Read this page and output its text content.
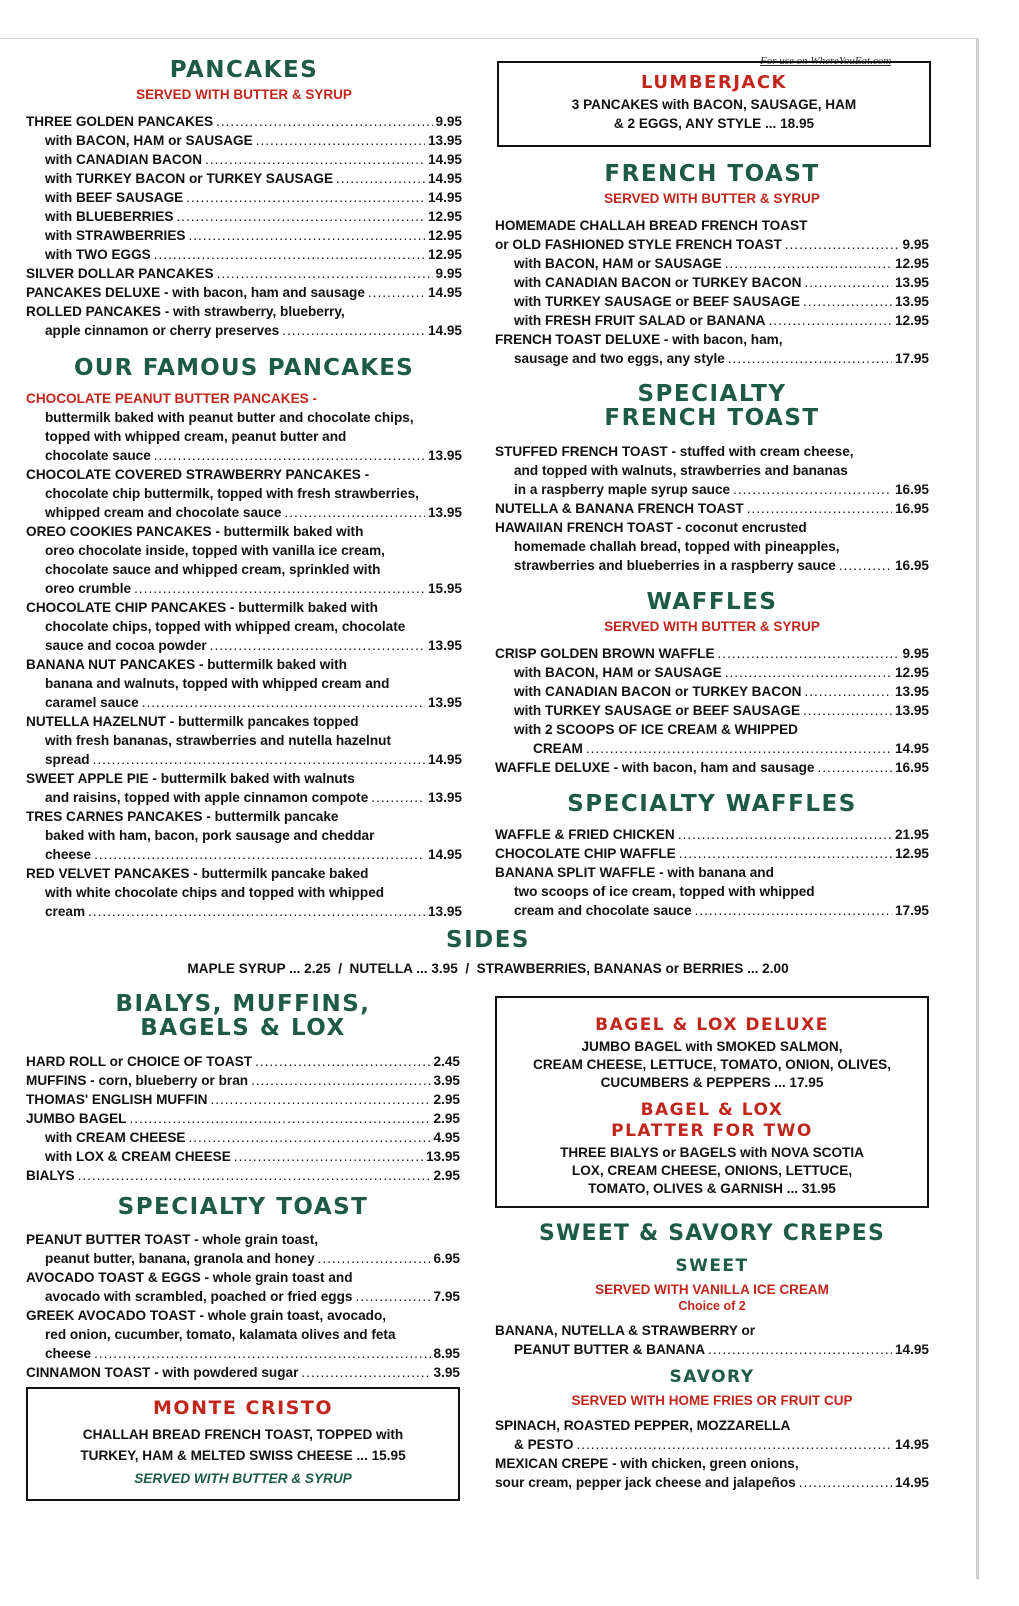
For use on WhereYouEat.com
PANCAKES
SERVED WITH BUTTER & SYRUP
THREE GOLDEN PANCAKES .....	9.95
with BACON, HAM or SAUSAGE .....	13.95
with CANADIAN BACON .....	14.95
with TURKEY BACON or TURKEY SAUSAGE .....	14.95
with BEEF SAUSAGE .....	14.95
with BLUEBERRIES .....	12.95
with STRAWBERRIES .....	12.95
with TWO EGGS .....	12.95
SILVER DOLLAR PANCAKES .....	9.95
PANCAKES DELUXE - with bacon, ham and sausage .....	14.95
ROLLED PANCAKES - with strawberry, blueberry,
apple cinnamon or cherry preserves .....	14.95
OUR FAMOUS PANCAKES
CHOCOLATE PEANUT BUTTER PANCAKES -
buttermilk baked with peanut butter and chocolate chips,
topped with whipped cream, peanut butter and
chocolate sauce .....	13.95
CHOCOLATE COVERED STRAWBERRY PANCAKES -
chocolate chip buttermilk, topped with fresh strawberries,
whipped cream and chocolate sauce .....	13.95
OREO COOKIES PANCAKES - buttermilk baked with
oreo chocolate inside, topped with vanilla ice cream,
chocolate sauce and whipped cream, sprinkled with
oreo crumble .....	15.95
CHOCOLATE CHIP PANCAKES - buttermilk baked with
chocolate chips, topped with whipped cream, chocolate
sauce and cocoa powder .....	13.95
BANANA NUT PANCAKES - buttermilk baked with
banana and walnuts, topped with whipped cream and
caramel sauce .....	13.95
NUTELLA HAZELNUT - buttermilk pancakes topped
with fresh bananas, strawberries and nutella hazelnut
spread .....	14.95
SWEET APPLE PIE - buttermilk baked with walnuts
and raisins, topped with apple cinnamon compote .....	13.95
TRES CARNES PANCAKES - buttermilk pancake
baked with ham, bacon, pork sausage and cheddar
cheese .....	14.95
RED VELVET PANCAKES - buttermilk pancake baked
with white chocolate chips and topped with whipped
cream .....	13.95
LUMBERJACK
3 PANCAKES with BACON, SAUSAGE, HAM
& 2 EGGS, ANY STYLE ... 18.95
FRENCH TOAST
SERVED WITH BUTTER & SYRUP
HOMEMADE CHALLAH BREAD FRENCH TOAST
or OLD FASHIONED STYLE FRENCH TOAST .....	9.95
with BACON, HAM or SAUSAGE .....	12.95
with CANADIAN BACON or TURKEY BACON .....	13.95
with TURKEY SAUSAGE or BEEF SAUSAGE .....	13.95
with FRESH FRUIT SALAD or BANANA .....	12.95
FRENCH TOAST DELUXE - with bacon, ham,
sausage and two eggs, any style .....	17.95
SPECIALTY
FRENCH TOAST
STUFFED FRENCH TOAST - stuffed with cream cheese,
and topped with walnuts, strawberries and bananas
in a raspberry maple syrup sauce .....	16.95
NUTELLA & BANANA FRENCH TOAST .....	16.95
HAWAIIAN FRENCH TOAST - coconut encrusted
homemade challah bread, topped with pineapples,
strawberries and blueberries in a raspberry sauce .....	16.95
WAFFLES
SERVED WITH BUTTER & SYRUP
CRISP GOLDEN BROWN WAFFLE .....	9.95
with BACON, HAM or SAUSAGE .....	12.95
with CANADIAN BACON or TURKEY BACON .....	13.95
with TURKEY SAUSAGE or BEEF SAUSAGE .....	13.95
with 2 SCOOPS OF ICE CREAM & WHIPPED
CREAM .....	14.95
WAFFLE DELUXE - with bacon, ham and sausage .....	16.95
SPECIALTY WAFFLES
WAFFLE & FRIED CHICKEN .....	21.95
CHOCOLATE CHIP WAFFLE .....	12.95
BANANA SPLIT WAFFLE - with banana and
two scoops of ice cream, topped with whipped
cream and chocolate sauce .....	17.95
SIDES
MAPLE SYRUP ... 2.25  /  NUTELLA ... 3.95  /  STRAWBERRIES, BANANAS or BERRIES ... 2.00
BIALYS, MUFFINS,
BAGELS & LOX
HARD ROLL or CHOICE OF TOAST .....	2.45
MUFFINS - corn, blueberry or bran .....	3.95
THOMAS' ENGLISH MUFFIN .....	2.95
JUMBO BAGEL .....	2.95
with CREAM CHEESE .....	4.95
with LOX & CREAM CHEESE .....	13.95
BIALYS .....	2.95
SPECIALTY TOAST
PEANUT BUTTER TOAST - whole grain toast,
peanut butter, banana, granola and honey .....	6.95
AVOCADO TOAST & EGGS - whole grain toast and
avocado with scrambled, poached or fried eggs .....	7.95
GREEK AVOCADO TOAST - whole grain toast, avocado,
red onion, cucumber, tomato, kalamata olives and feta
cheese .....	8.95
CINNAMON TOAST - with powdered sugar .....	3.95
MONTE CRISTO
CHALLAH BREAD FRENCH TOAST, TOPPED with
TURKEY, HAM & MELTED SWISS CHEESE ... 15.95
SERVED WITH BUTTER & SYRUP
BAGEL & LOX DELUXE
JUMBO BAGEL with SMOKED SALMON,
CREAM CHEESE, LETTUCE, TOMATO, ONION, OLIVES,
CUCUMBERS & PEPPERS ... 17.95
BAGEL & LOX
PLATTER FOR TWO
THREE BIALYS or BAGELS with NOVA SCOTIA
LOX, CREAM CHEESE, ONIONS, LETTUCE,
TOMATO, OLIVES & GARNISH ... 31.95
SWEET & SAVORY CREPES
SWEET
SERVED WITH VANILLA ICE CREAM
Choice of 2
BANANA, NUTELLA & STRAWBERRY or
PEANUT BUTTER & BANANA .....	14.95
SAVORY
SERVED WITH HOME FRIES OR FRUIT CUP
SPINACH, ROASTED PEPPER, MOZZARELLA
& PESTO .....	14.95
MEXICAN CREPE - with chicken, green onions,
sour cream, pepper jack cheese and jalapeños .....	14.95
